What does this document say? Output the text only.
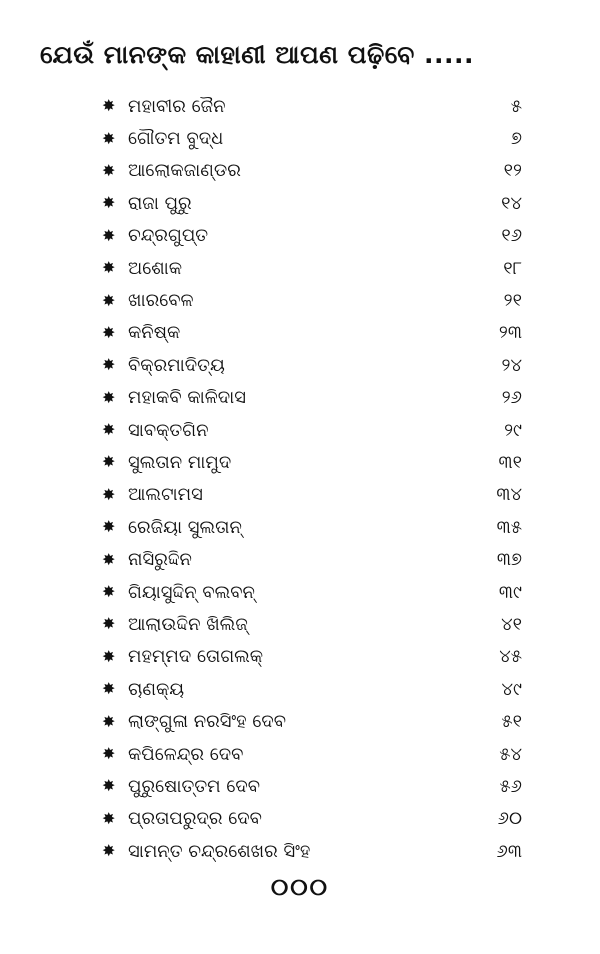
ଯେଉଁ ମାନଙ୍କ କାହାଣୀ ଆପଣ ପଢ଼ିବେ .....
✸ ମହାବୀର ଜୈନ	୫
✸ ଗୌତମ ବୁଦ୍ଧ	୭
✸ ଆଲୋକଜାଣ୍ଡର	୧୨
✸ ରାଜା ପୁରୁ	୧୪
✸ ଚନ୍ଦ୍ରଗୁପ୍ତ	୧୬
✸ ଅଶୋକ	୧୮
✸ ଖାରବେଳ	୨୧
✸ କନିଷ୍କ	୨୩
✸ ବିକ୍ରମାଦିତ୍ୟ	୨୪
✸ ମହାକବି କାଳିଦାସ	୨୬
✸ ସାବକ୍ତଗିନ	୨୯
✸ ସୁଲତାନ ମାମୁଦ	୩୧
✸ ଆଲଟାମସ	୩୪
✸ ରେଜିୟା ସୁଲତାନ୍	୩୫
✸ ନାସିରୁଦ୍ଦିନ	୩୭
✸ ଗିୟାସୁଦ୍ଦିନ୍ ବଲବନ୍	୩୯
✸ ଆଲାଉଦ୍ଦିନ ଖିଲିଜ୍	୪୧
✸ ମହମ୍ମଦ ତୋଗଲକ୍	୪୫
✸ ଚାଣକ୍ୟ	୪୯
✸ ଲାଙ୍ଗୁଳା ନରସିଂହ ଦେବ	୫୧
✸ କପିଳେନ୍ଦ୍ର ଦେବ	୫୪
✸ ପୁରୁଷୋତ୍ତମ ଦେବ	୫୬
✸ ପ୍ରତାପରୁଦ୍ର ଦେବ	୬୦
✸ ସାମନ୍ତ ଚନ୍ଦ୍ରଶେଖର ସିଂହ	୬୩
୦୦୦
